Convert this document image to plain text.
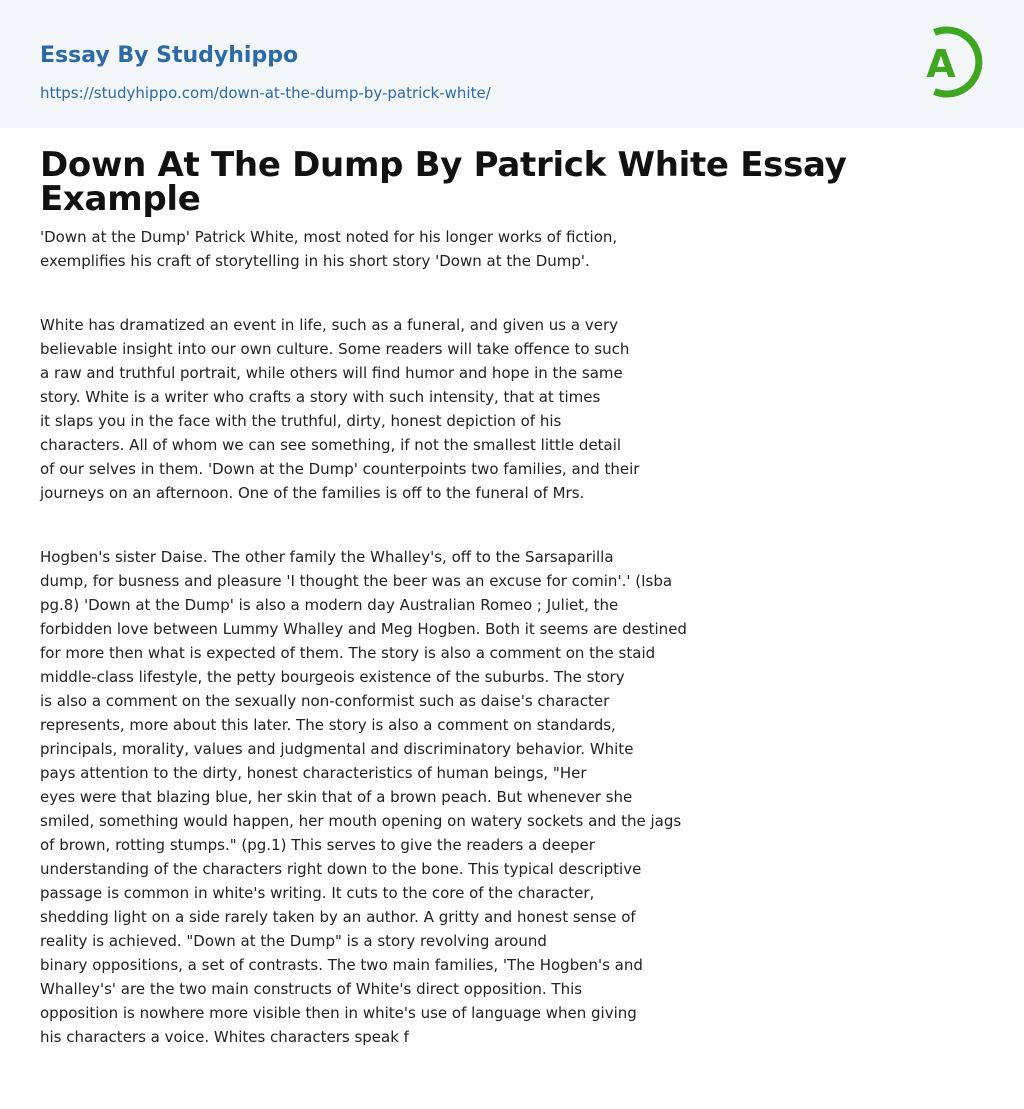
Essay By Studyhippo
https://studyhippo.com/down-at-the-dump-by-patrick-white/
A
Down At The Dump By Patrick White Essay Example

'Down at the Dump' Patrick White, most noted for his longer works of fiction,
exemplifies his craft of storytelling in his short story 'Down at the Dump'.

White has dramatized an event in life, such as a funeral, and given us a very
believable insight into our own culture. Some readers will take offence to such
a raw and truthful portrait, while others will find humor and hope in the same
story. White is a writer who crafts a story with such intensity, that at times
it slaps you in the face with the truthful, dirty, honest depiction of his
characters. All of whom we can see something, if not the smallest little detail
of our selves in them. 'Down at the Dump' counterpoints two families, and their
journeys on an afternoon. One of the families is off to the funeral of Mrs.

Hogben's sister Daise. The other family the Whalley's, off to the Sarsaparilla
dump, for busness and pleasure 'I thought the beer was an excuse for comin'.' (Isba
pg.8) 'Down at the Dump' is also a modern day Australian Romeo ; Juliet, the
forbidden love between Lummy Whalley and Meg Hogben. Both it seems are destined
for more then what is expected of them. The story is also a comment on the staid
middle-class lifestyle, the petty bourgeois existence of the suburbs. The story
is also a comment on the sexually non-conformist such as daise's character
represents, more about this later. The story is also a comment on standards,
principals, morality, values and judgmental and discriminatory behavior. White
pays attention to the dirty, honest characteristics of human beings, "Her
eyes were that blazing blue, her skin that of a brown peach. But whenever she
smiled, something would happen, her mouth opening on watery sockets and the jags
of brown, rotting stumps." (pg.1) This serves to give the readers a deeper
understanding of the characters right down to the bone. This typical descriptive
passage is common in white's writing. It cuts to the core of the character,
shedding light on a side rarely taken by an author. A gritty and honest sense of
reality is achieved. "Down at the Dump" is a story revolving around
binary oppositions, a set of contrasts. The two main families, 'The Hogben's and
Whalley's' are the two main constructs of White's direct opposition. This
opposition is nowhere more visible then in white's use of language when giving
his characters a voice. Whites characters speak f
